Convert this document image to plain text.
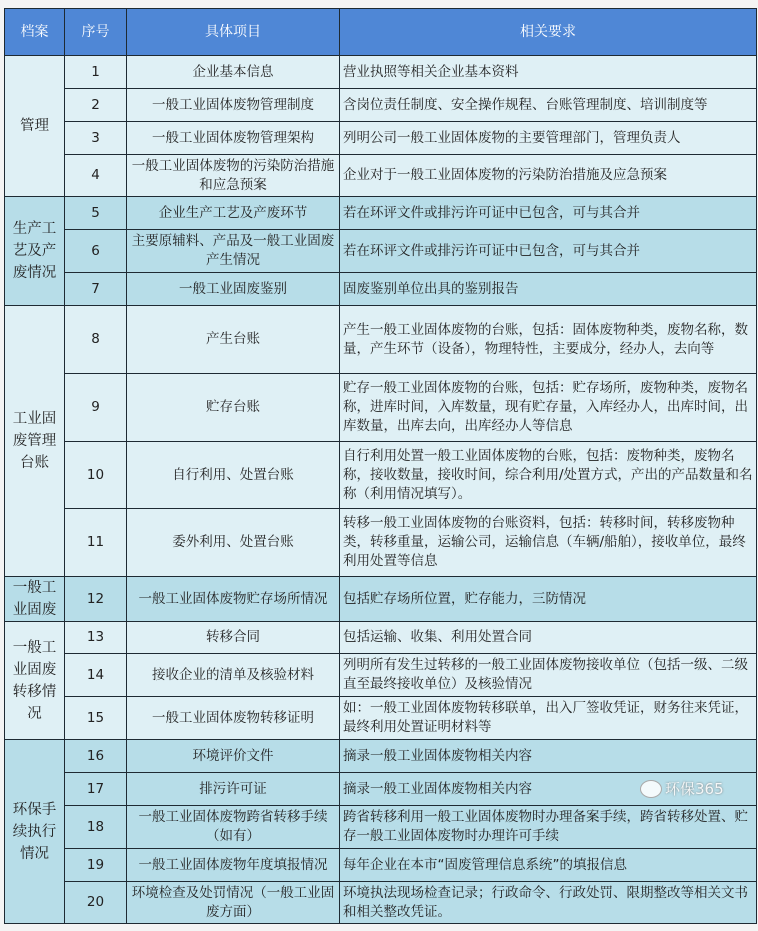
档案	序号	具体项目	相关要求
管理	1	企业基本信息	营业执照等相关企业基本资料
	2	一般工业固体废物管理制度	含岗位责任制度、安全操作规程、台账管理制度、培训制度等
	3	一般工业固体废物管理架构	列明公司一般工业固体废物的主要管理部门，管理负责人
	4	一般工业固体废物的污染防治措施和应急预案	企业对于一般工业固体废物的污染防治措施及应急预案
生产工艺及产废情况	5	企业生产工艺及产废环节	若在环评文件或排污许可证中已包含，可与其合并
	6	主要原辅料、产品及一般工业固废产生情况	若在环评文件或排污许可证中已包含，可与其合并
	7	一般工业固废鉴别	固废鉴别单位出具的鉴别报告
工业固废管理台账	8	产生台账	产生一般工业固体废物的台账，包括：固体废物种类，废物名称，数量，产生环节（设备），物理特性，主要成分，经办人，去向等
	9	贮存台账	贮存一般工业固体废物的台账，包括：贮存场所，废物种类，废物名称，进库时间，入库数量，现有贮存量，入库经办人，出库时间，出库数量，出库去向，出库经办人等信息
	10	自行利用、处置台账	自行利用处置一般工业固体废物的台账，包括：废物种类，废物名称，接收数量，接收时间，综合利用/处置方式，产出的产品数量和名称（利用情况填写）。
	11	委外利用、处置台账	转移一般工业固体废物的台账资料，包括：转移时间，转移废物种类，转移重量，运输公司，运输信息（车辆/船舶），接收单位，最终利用处置等信息
一般工业固废	12	一般工业固体废物贮存场所情况	包括贮存场所位置，贮存能力，三防情况
一般工业固废转移情况	13	转移合同	包括运输、收集、利用处置合同
	14	接收企业的清单及核验材料	列明所有发生过转移的一般工业固体废物接收单位（包括一级、二级直至最终接收单位）及核验情况
	15	一般工业固体废物转移证明	如：一般工业固体废物转移联单，出入厂签收凭证，财务往来凭证，最终利用处置证明材料等
环保手续执行情况	16	环境评价文件	摘录一般工业固体废物相关内容
	17	排污许可证	摘录一般工业固体废物相关内容
	18	一般工业固体废物跨省转移手续（如有）	跨省转移利用一般工业固体废物时办理备案手续，跨省转移处置、贮存一般工业固体废物时办理许可手续
	19	一般工业固体废物年度填报情况	每年企业在本市“固废管理信息系统”的填报信息
	20	环境检查及处罚情况（一般工业固废方面）	环境执法现场检查记录；行政命令、行政处罚、限期整改等相关文书和相关整改凭证。
环保365
